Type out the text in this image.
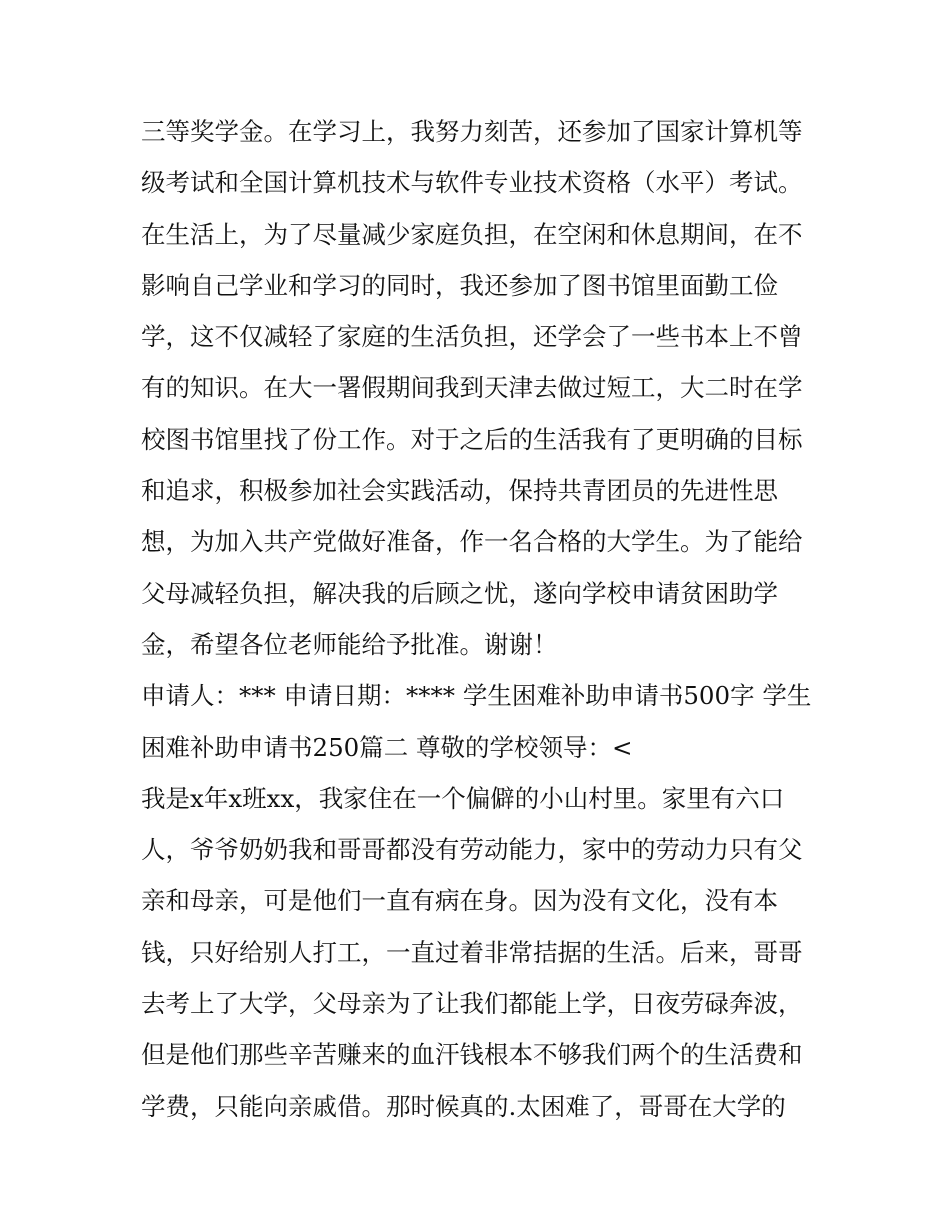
三等奖学金。在学习上，我努力刻苦，还参加了国家计算机等
级考试和全国计算机技术与软件专业技术资格（水平）考试。
在生活上，为了尽量减少家庭负担，在空闲和休息期间，在不
影响自己学业和学习的同时，我还参加了图书馆里面勤工俭
学，这不仅减轻了家庭的生活负担，还学会了一些书本上不曾
有的知识。在大一署假期间我到天津去做过短工，大二时在学
校图书馆里找了份工作。对于之后的生活我有了更明确的目标
和追求，积极参加社会实践活动，保持共青团员的先进性思
想，为加入共产党做好准备，作一名合格的大学生。为了能给
父母减轻负担，解决我的后顾之忧，遂向学校申请贫困助学
金，希望各位老师能给予批准。谢谢！
申请人：*** 申请日期：**** 学生困难补助申请书500字 学生
困难补助申请书250篇二 尊敬的学校领导：<
我是x年x班xx，我家住在一个偏僻的小山村里。家里有六口
人，爷爷奶奶我和哥哥都没有劳动能力，家中的劳动力只有父
亲和母亲，可是他们一直有病在身。因为没有文化，没有本
钱，只好给别人打工，一直过着非常拮据的生活。后来，哥哥
去考上了大学，父母亲为了让我们都能上学，日夜劳碌奔波，
但是他们那些辛苦赚来的血汗钱根本不够我们两个的生活费和
学费，只能向亲戚借。那时候真的.太困难了，哥哥在大学的
